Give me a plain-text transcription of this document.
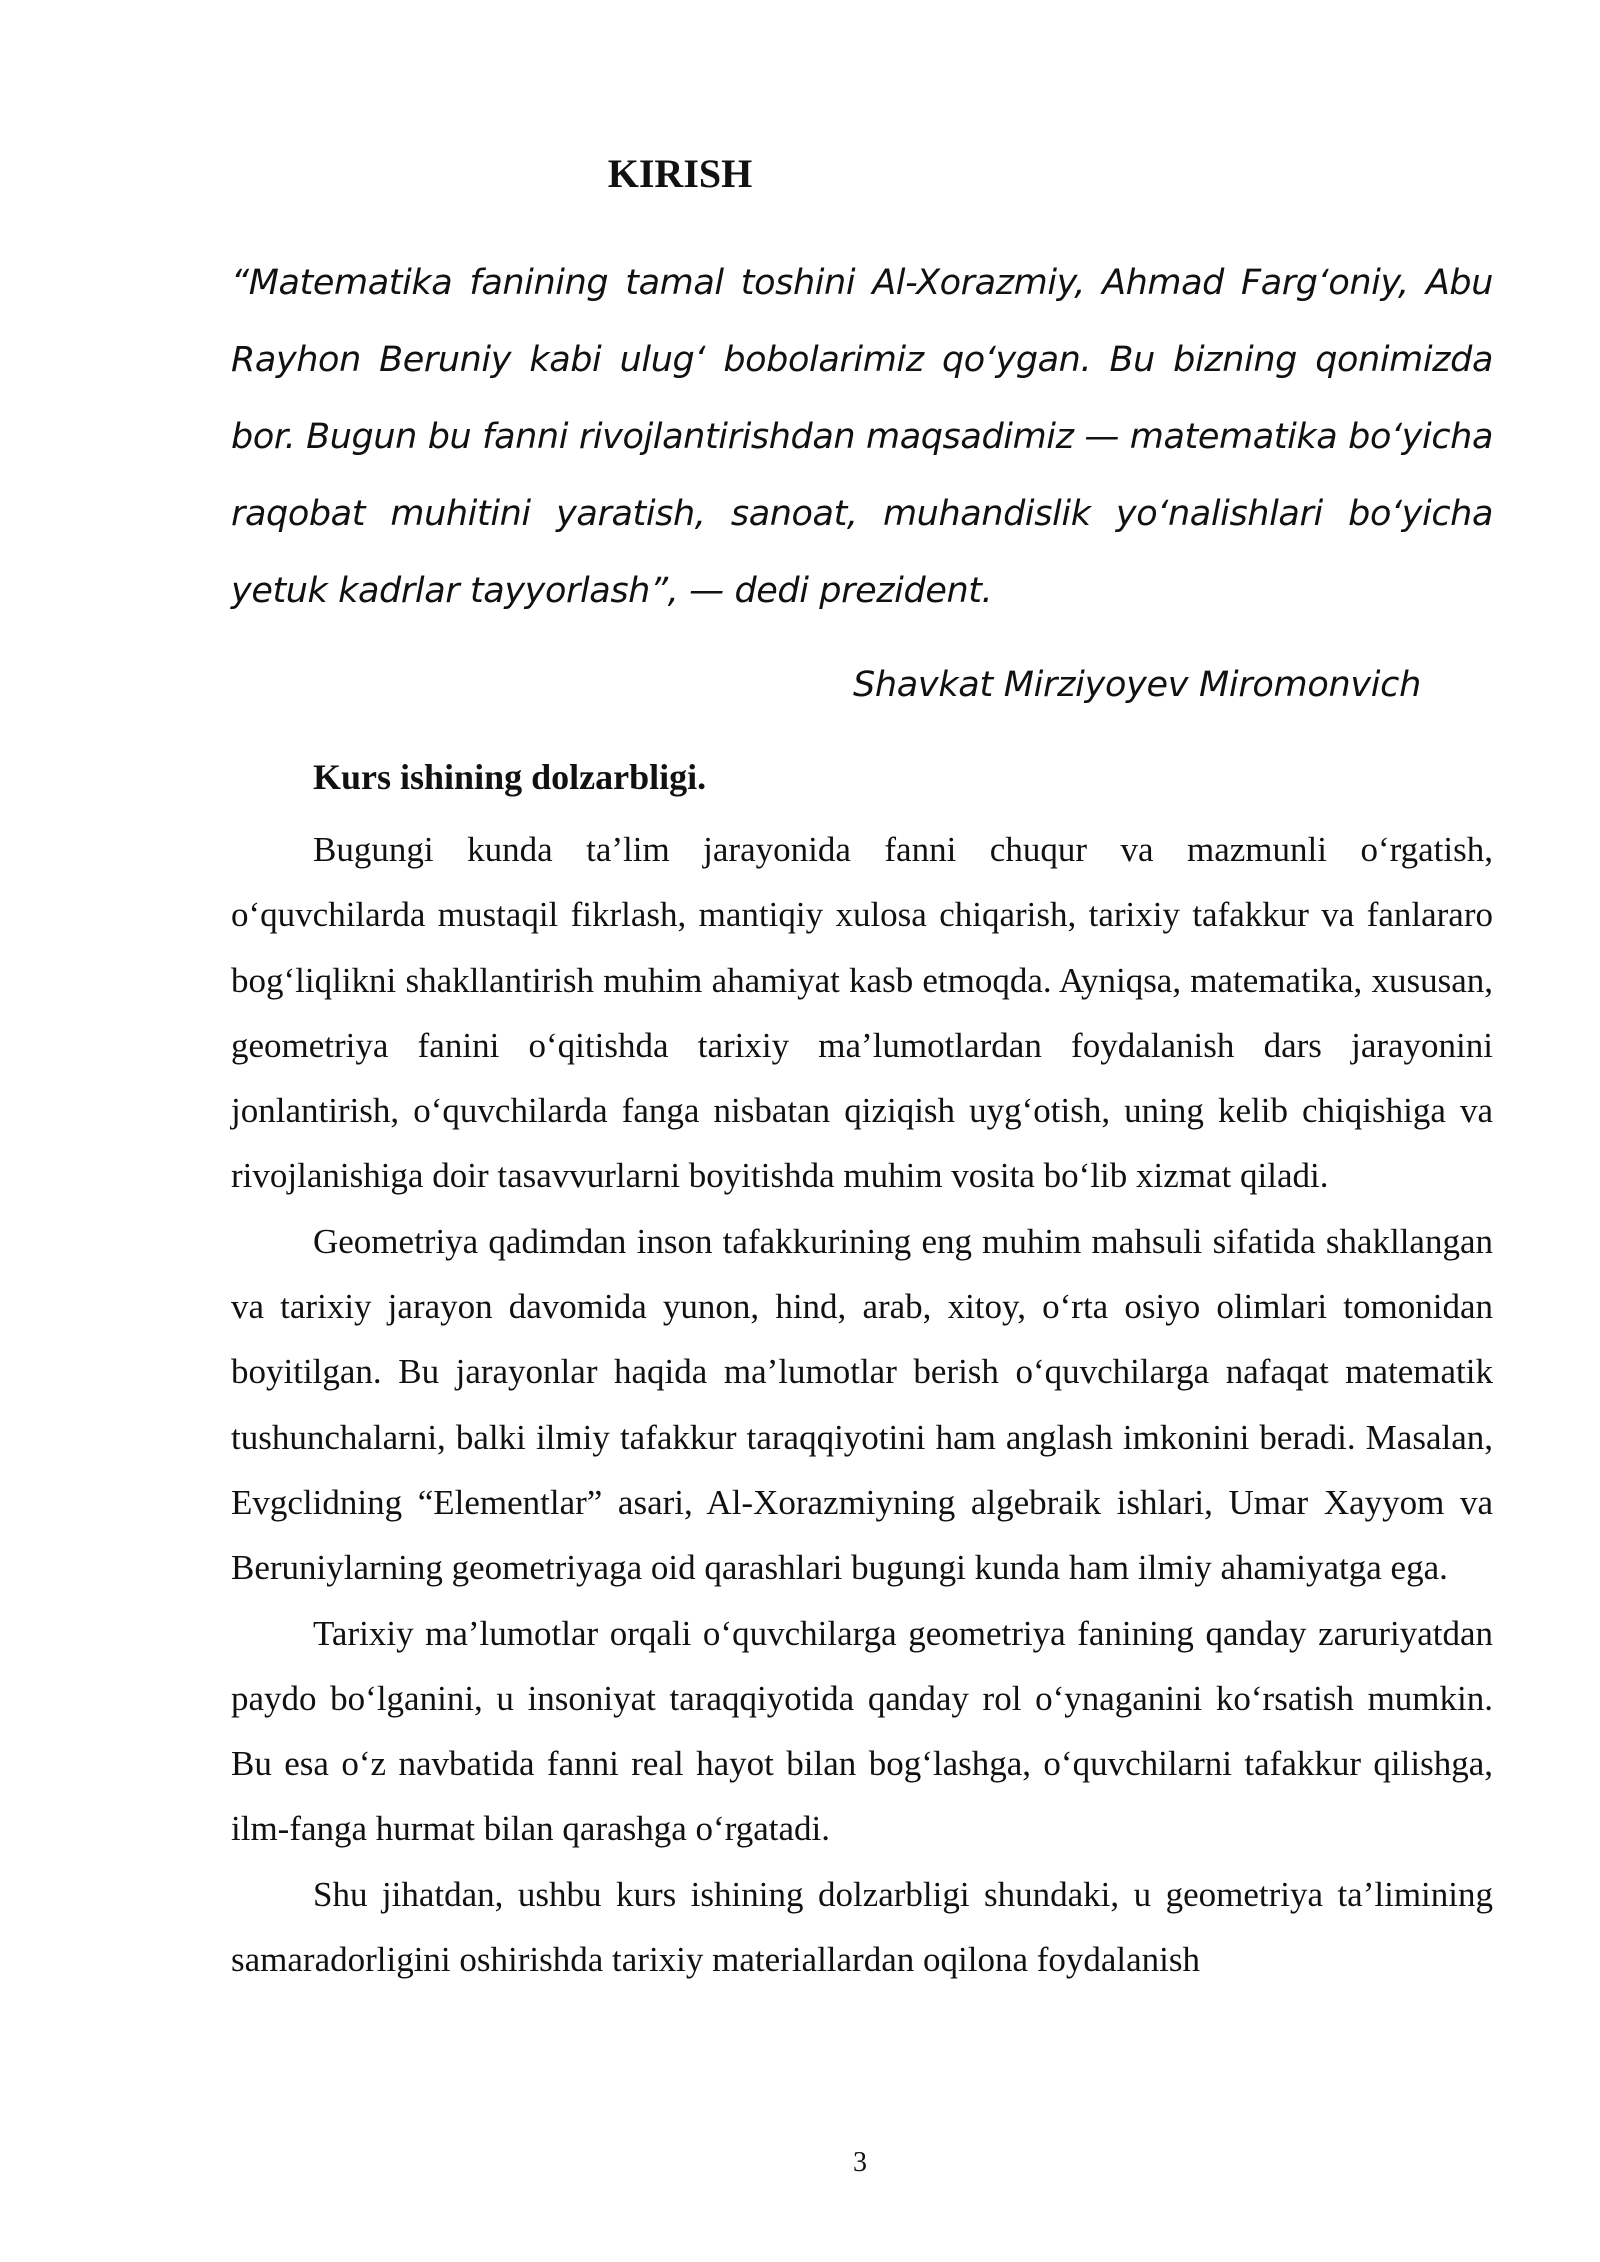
KIRISH

“Matematika fanining tamal toshini Al-Xorazmiy, Ahmad Farg‘oniy, Abu Rayhon Beruniy kabi ulug‘ bobolarimiz qo‘ygan. Bu bizning qonimizda bor. Bugun bu fanni rivojlantirishdan maqsadimiz — matematika bo‘yicha raqobat muhitini yaratish, sanoat, muhandislik yo‘nalishlari bo‘yicha yetuk kadrlar tayyorlash”, — dedi prezident.

Shavkat Mirziyoyev Miromonvich

Kurs ishining dolzarbligi.

Bugungi kunda ta’lim jarayonida fanni chuqur va mazmunli o‘rgatish, o‘quvchilarda mustaqil fikrlash, mantiqiy xulosa chiqarish, tarixiy tafakkur va fanlararo bog‘liqlikni shakllantirish muhim ahamiyat kasb etmoqda. Ayniqsa, matematika, xususan, geometriya fanini o‘qitishda tarixiy ma’lumotlardan foydalanish dars jarayonini jonlantirish, o‘quvchilarda fanga nisbatan qiziqish uyg‘otish, uning kelib chiqishiga va rivojlanishiga doir tasavvurlarni boyitishda muhim vosita bo‘lib xizmat qiladi.

Geometriya qadimdan inson tafakkurining eng muhim mahsuli sifatida shakllangan va tarixiy jarayon davomida yunon, hind, arab, xitoy, o‘rta osiyo olimlari tomonidan boyitilgan. Bu jarayonlar haqida ma’lumotlar berish o‘quvchilarga nafaqat matematik tushunchalarni, balki ilmiy tafakkur taraqqiyotini ham anglash imkonini beradi. Masalan, Evgclidning “Elementlar” asari, Al-Xorazmiyning algebraik ishlari, Umar Xayyom va Beruniylarning geometriyaga oid qarashlari bugungi kunda ham ilmiy ahamiyatga ega.

Tarixiy ma’lumotlar orqali o‘quvchilarga geometriya fanining qanday zaruriyatdan paydo bo‘lganini, u insoniyat taraqqiyotida qanday rol o‘ynaganini ko‘rsatish mumkin. Bu esa o‘z navbatida fanni real hayot bilan bog‘lashga, o‘quvchilarni tafakkur qilishga, ilm-fanga hurmat bilan qarashga o‘rgatadi.

Shu jihatdan, ushbu kurs ishining dolzarbligi shundaki, u geometriya ta’limining samaradorligini oshirishda tarixiy materiallardan oqilona foydalanish

3
